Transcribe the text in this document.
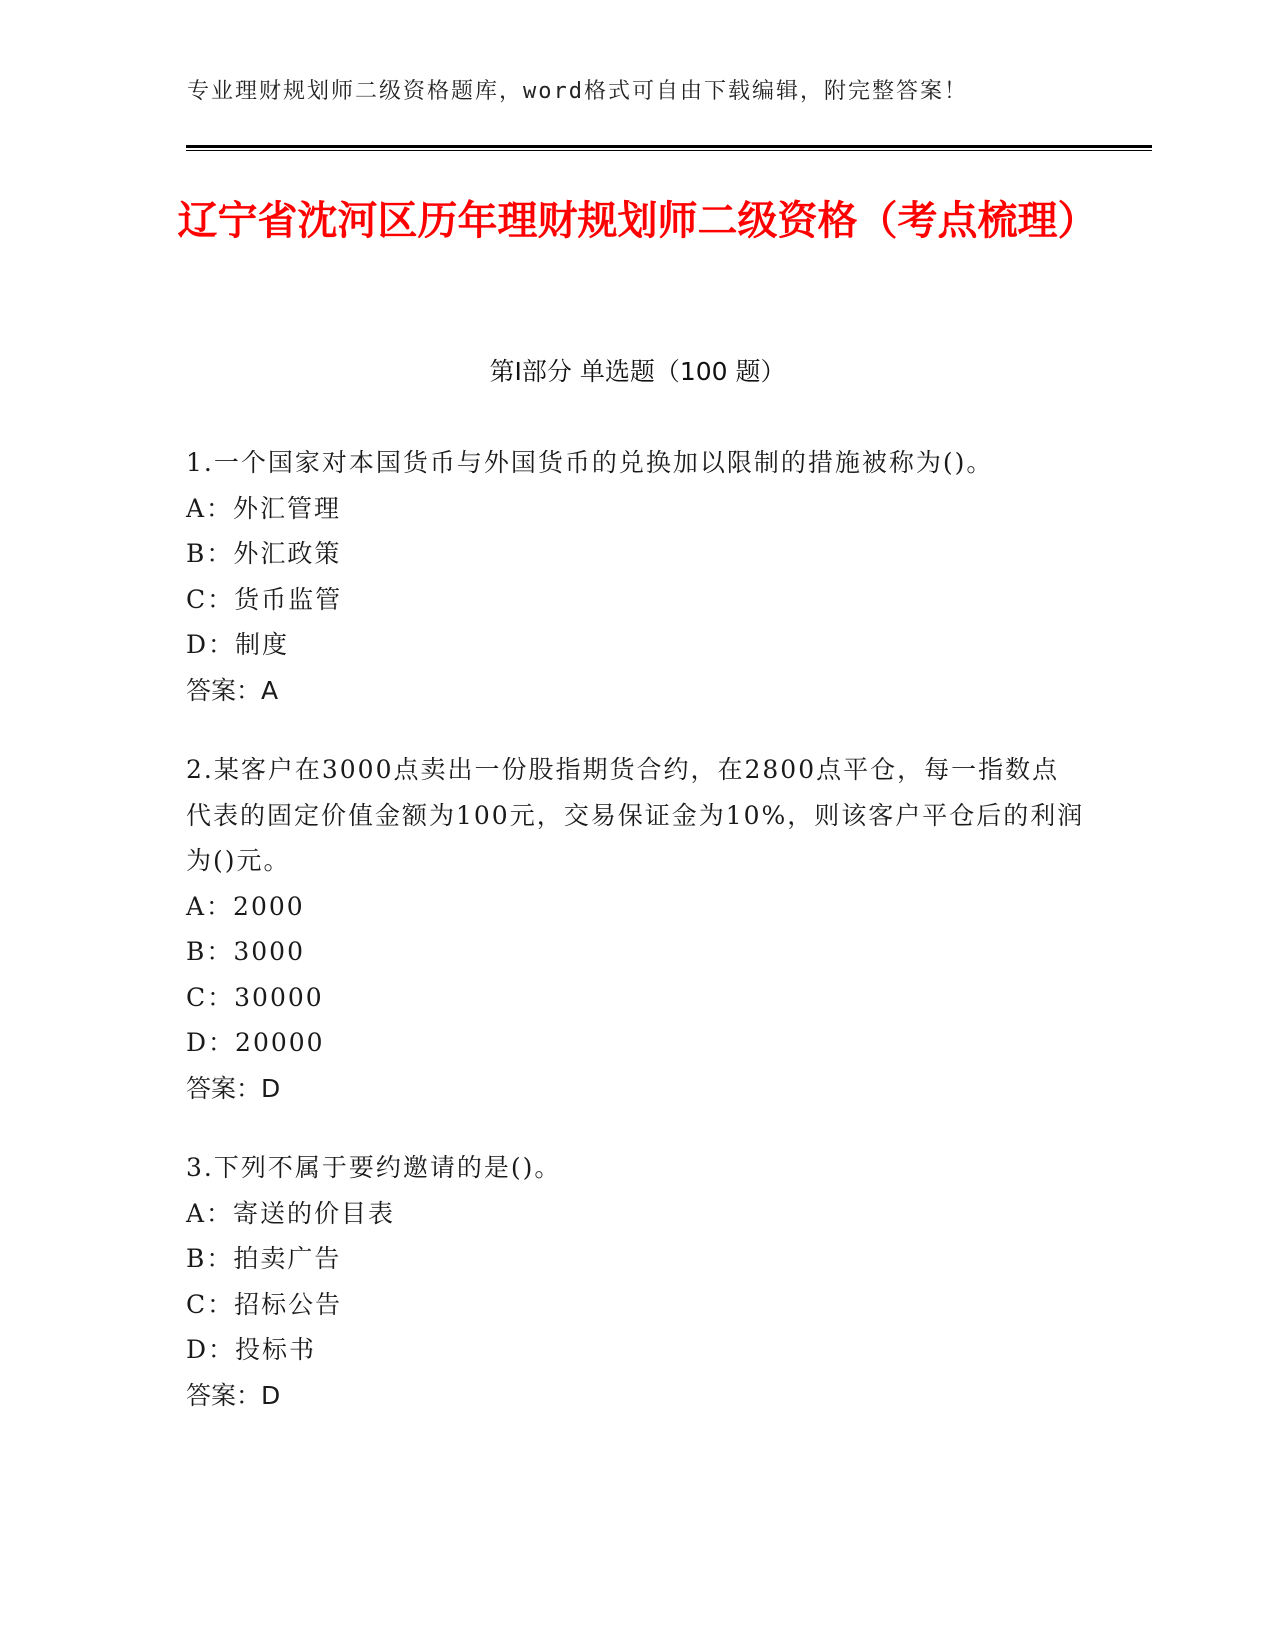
专业理财规划师二级资格题库，word格式可自由下载编辑，附完整答案！
辽宁省沈河区历年理财规划师二级资格（考点梳理）
第Ⅰ部分 单选题（100 题）

1.一个国家对本国货币与外国货币的兑换加以限制的措施被称为()。

A：外汇管理

B：外汇政策

C：货币监管

D：制度

答案：A

2.某客户在3000点卖出一份股指期货合约，在2800点平仓，每一指数点代表的固定价值金额为100元，交易保证金为10%，则该客户平仓后的利润为()元。

A：2000

B：3000

C：30000

D：20000

答案：D

3.下列不属于要约邀请的是()。

A：寄送的价目表

B：拍卖广告

C：招标公告

D：投标书

答案：D
